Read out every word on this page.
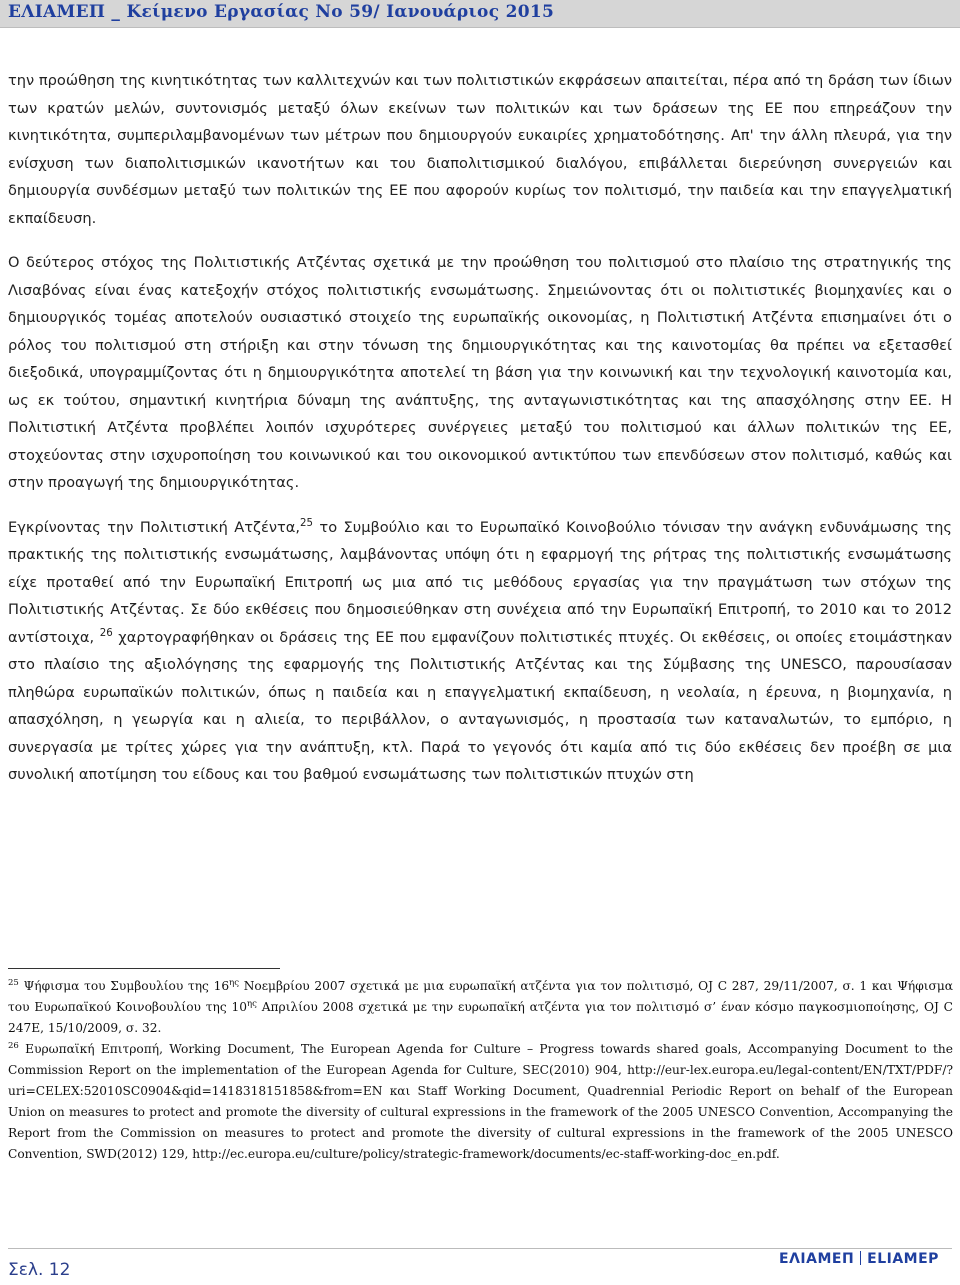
ΕΛΙΑΜΕΠ _ Κείμενο Εργασίας Νο 59/ Ιανουάριος 2015

την προώθηση της κινητικότητας των καλλιτεχνών και των πολιτιστικών εκφράσεων απαιτείται, πέρα από τη δράση των ίδιων των κρατών μελών, συντονισμός μεταξύ όλων εκείνων των πολιτικών και των δράσεων της ΕΕ που επηρεάζουν την κινητικότητα, συμπεριλαμβανομένων των μέτρων που δημιουργούν ευκαιρίες χρηματοδότησης. Απ' την άλλη πλευρά, για την ενίσχυση των διαπολιτισμικών ικανοτήτων και του διαπολιτισμικού διαλόγου, επιβάλλεται διερεύνηση συνεργειών και δημιουργία συνδέσμων μεταξύ των πολιτικών της ΕΕ που αφορούν κυρίως τον πολιτισμό, την παιδεία και την επαγγελματική εκπαίδευση.

Ο δεύτερος στόχος της Πολιτιστικής Ατζέντας σχετικά με την προώθηση του πολιτισμού στο πλαίσιο της στρατηγικής της Λισαβόνας είναι ένας κατεξοχήν στόχος πολιτιστικής ενσωμάτωσης. Σημειώνοντας ότι οι πολιτιστικές βιομηχανίες και ο δημιουργικός τομέας αποτελούν ουσιαστικό στοιχείο της ευρωπαϊκής οικονομίας, η Πολιτιστική Ατζέντα επισημαίνει ότι ο ρόλος του πολιτισμού στη στήριξη και στην τόνωση της δημιουργικότητας και της καινοτομίας θα πρέπει να εξετασθεί διεξοδικά, υπογραμμίζοντας ότι η δημιουργικότητα αποτελεί τη βάση για την κοινωνική και την τεχνολογική καινοτομία και, ως εκ τούτου, σημαντική κινητήρια δύναμη της ανάπτυξης, της ανταγωνιστικότητας και της απασχόλησης στην ΕΕ. Η Πολιτιστική Ατζέντα προβλέπει λοιπόν ισχυρότερες συνέργειες μεταξύ του πολιτισμού και άλλων πολιτικών της ΕΕ, στοχεύοντας στην ισχυροποίηση του κοινωνικού και του οικονομικού αντικτύπου των επενδύσεων στον πολιτισμό, καθώς και στην προαγωγή της δημιουργικότητας.

Εγκρίνοντας την Πολιτιστική Ατζέντα,$^{25}$ το Συμβούλιο και το Ευρωπαϊκό Κοινοβούλιο τόνισαν την ανάγκη ενδυνάμωσης της πρακτικής της πολιτιστικής ενσωμάτωσης, λαμβάνοντας υπόψη ότι η εφαρμογή της ρήτρας της πολιτιστικής ενσωμάτωσης είχε προταθεί από την Ευρωπαϊκή Επιτροπή ως μια από τις μεθόδους εργασίας για την πραγμάτωση των στόχων της Πολιτιστικής Ατζέντας. Σε δύο εκθέσεις που δημοσιεύθηκαν στη συνέχεια από την Ευρωπαϊκή Επιτροπή, το 2010 και το 2012 αντίστοιχα, $^{26}$ χαρτογραφήθηκαν οι δράσεις της ΕΕ που εμφανίζουν πολιτιστικές πτυχές. Οι εκθέσεις, οι οποίες ετοιμάστηκαν στο πλαίσιο της αξιολόγησης της εφαρμογής της Πολιτιστικής Ατζέντας και της Σύμβασης της UNESCO, παρουσίασαν πληθώρα ευρωπαϊκών πολιτικών, όπως η παιδεία και η επαγγελματική εκπαίδευση, η νεολαία, η έρευνα, η βιομηχανία, η απασχόληση, η γεωργία και η αλιεία, το περιβάλλον, ο ανταγωνισμός, η προστασία των καταναλωτών, το εμπόριο, η συνεργασία με τρίτες χώρες για την ανάπτυξη, κτλ. Παρά το γεγονός ότι καμία από τις δύο εκθέσεις δεν προέβη σε μια συνολική αποτίμηση του είδους και του βαθμού ενσωμάτωσης των πολιτιστικών πτυχών στη

$^{25}$ Ψήφισμα του Συμβουλίου της $16^{\eta\varsigma}$ Νοεμβρίου 2007 σχετικά με μια ευρωπαϊκή ατζέντα για τον πολιτισμό, OJ C 287, 29/11/2007, σ. 1 και Ψήφισμα του Ευρωπαϊκού Κοινοβουλίου της $10^{\eta\varsigma}$ Απριλίου 2008 σχετικά με την ευρωπαϊκή ατζέντα για τον πολιτισμό σ’ έναν κόσμο παγκοσμιοποίησης, OJ C 247E, 15/10/2009, σ. 32.

$^{26}$ Ευρωπαϊκή Επιτροπή, Working Document, The European Agenda for Culture – Progress towards shared goals, Accompanying Document to the Commission Report on the implementation of the European Agenda for Culture, SEC(2010) 904, http://eur-lex.europa.eu/legal-content/EN/TXT/PDF/?uri=CELEX:52010SC0904&qid=1418318151858&from=EN και Staff Working Document, Quadrennial Periodic Report on behalf of the European Union on measures to protect and promote the diversity of cultural expressions in the framework of the 2005 UNESCO Convention, Accompanying the Report from the Commission on measures to protect and promote the diversity of cultural expressions in the framework of the 2005 UNESCO Convention, SWD(2012) 129, http://ec.europa.eu/culture/policy/strategic-framework/documents/ec-staff-working-doc_en.pdf.

ΕΛΙΑΜΕΠ ELIAMEP
Σελ. 12
